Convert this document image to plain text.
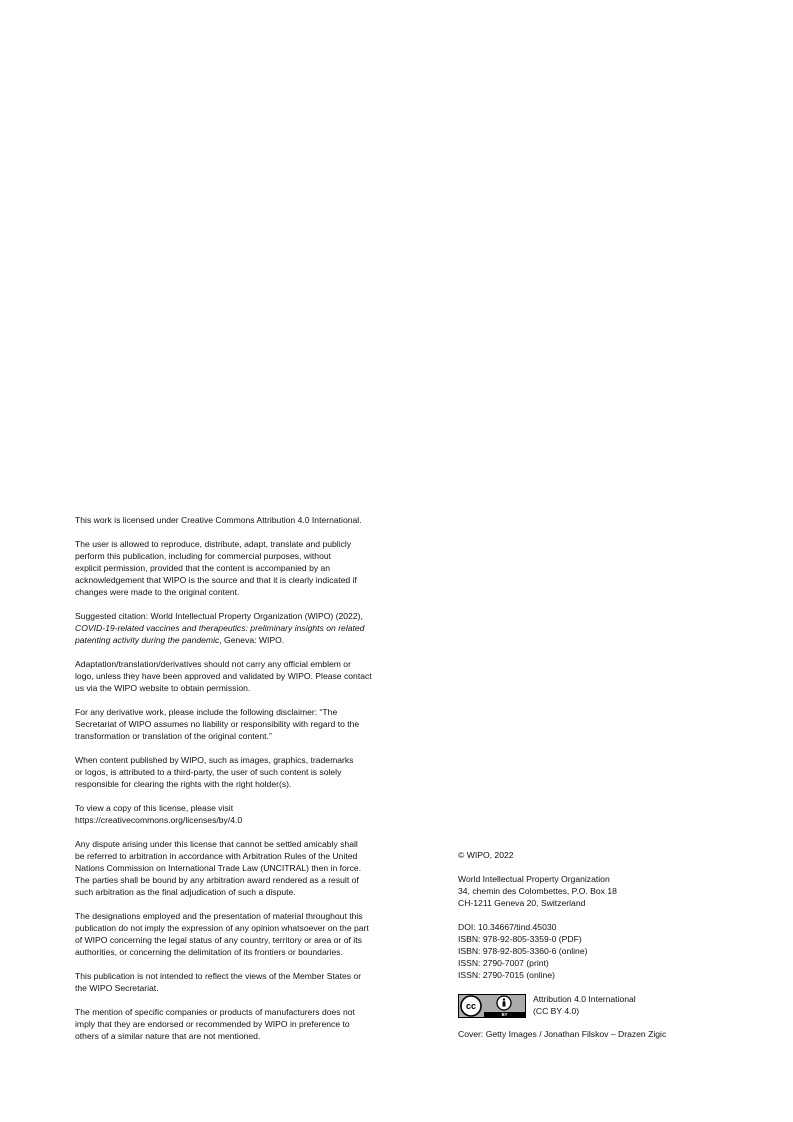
This work is licensed under Creative Commons Attribution 4.0 International.

The user is allowed to reproduce, distribute, adapt, translate and publicly
perform this publication, including for commercial purposes, without
explicit permission, provided that the content is accompanied by an
acknowledgement that WIPO is the source and that it is clearly indicated if
changes were made to the original content.

Suggested citation: World Intellectual Property Organization (WIPO) (2022),
COVID-19-related vaccines and therapeutics: preliminary insights on related
patenting activity during the pandemic, Geneva: WIPO.

Adaptation/translation/derivatives should not carry any official emblem or
logo, unless they have been approved and validated by WIPO. Please contact
us via the WIPO website to obtain permission.

For any derivative work, please include the following disclaimer: “The
Secretariat of WIPO assumes no liability or responsibility with regard to the
transformation or translation of the original content.”

When content published by WIPO, such as images, graphics, trademarks
or logos, is attributed to a third-party, the user of such content is solely
responsible for clearing the rights with the right holder(s).

To view a copy of this license, please visit
https://creativecommons.org/licenses/by/4.0

Any dispute arising under this license that cannot be settled amicably shall
be referred to arbitration in accordance with Arbitration Rules of the United
Nations Commission on International Trade Law (UNCITRAL) then in force.
The parties shall be bound by any arbitration award rendered as a result of
such arbitration as the final adjudication of such a dispute.

The designations employed and the presentation of material throughout this
publication do not imply the expression of any opinion whatsoever on the part
of WIPO concerning the legal status of any country, territory or area or of its
authorities, or concerning the delimitation of its frontiers or boundaries.

This publication is not intended to reflect the views of the Member States or
the WIPO Secretariat.

The mention of specific companies or products of manufacturers does not
imply that they are endorsed or recommended by WIPO in preference to
others of a similar nature that are not mentioned.

© WIPO, 2022

World Intellectual Property Organization
34, chemin des Colombettes, P.O. Box 18
CH-1211 Geneva 20, Switzerland

DOI: 10.34667/tind.45030
ISBN: 978-92-805-3359-0 (PDF)
ISBN: 978-92-805-3360-6 (online)
ISSN: 2790-7007 (print)
ISSN: 2790-7015 (online)

cc
BY
Attribution 4.0 International
(CC BY 4.0)

Cover: Getty Images / Jonathan Filskov – Drazen Zigic
